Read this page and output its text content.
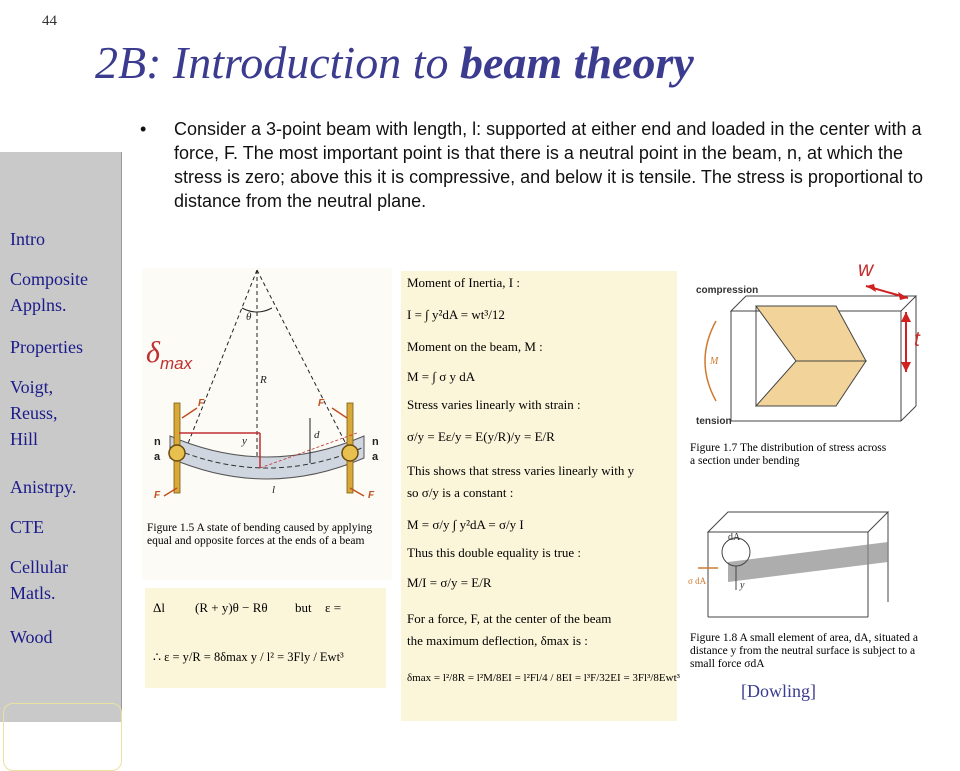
44
2B: Introduction to beam theory
• Consider a 3-point beam with length, l: supported at either end and loaded in the center with a force, F. The most important point is that there is a neutral point in the beam, n, at which the stress is zero; above this it is compressive, and below it is tensile. The stress is proportional to distance from the neutral plane.
Intro
Composite
Applns.
Properties
Voigt,
Reuss,
Hill
Anistrpy.
CTE
Cellular
Matls.
Wood
θ
R
F	F
F	F
n
a
n
a
y	d
l
Figure 1.5 A state of bending caused by applying equal and opposite forces at the ends of a beam
$\delta_{max}$
Δl (R + y)θ − Rθ but ε =
∴ ε = y/R = 8δmax y / l² = 3Fly / Ewt³
Moment of Inertia, I :
I = ∫ y²dA = wt³/12
Moment on the beam, M :
M = ∫ σ y dA
Stress varies linearly with strain :
σ/y = Eε/y = E(y/R)/y = E/R
This shows that stress varies linearly with y
so σ/y is a constant :
M = σ/y ∫ y²dA = σ/y I
Thus this double equality is true :
M/I = σ/y = E/R
For a force, F, at the center of the beam
the maximum deflection, δmax is :
δmax = l²/8R = l²M/8EI = l²Fl/4 / 8EI = l³F/32EI = 3Fl³/8Ewt³
compression
tension
M
Figure 1.7 The distribution of stress across a section under bending
w
t
dA
σ dA	y
Figure 1.8 A small element of area, dA, situated a distance y from the neutral surface is subject to a small force σdA
[Dowling]
